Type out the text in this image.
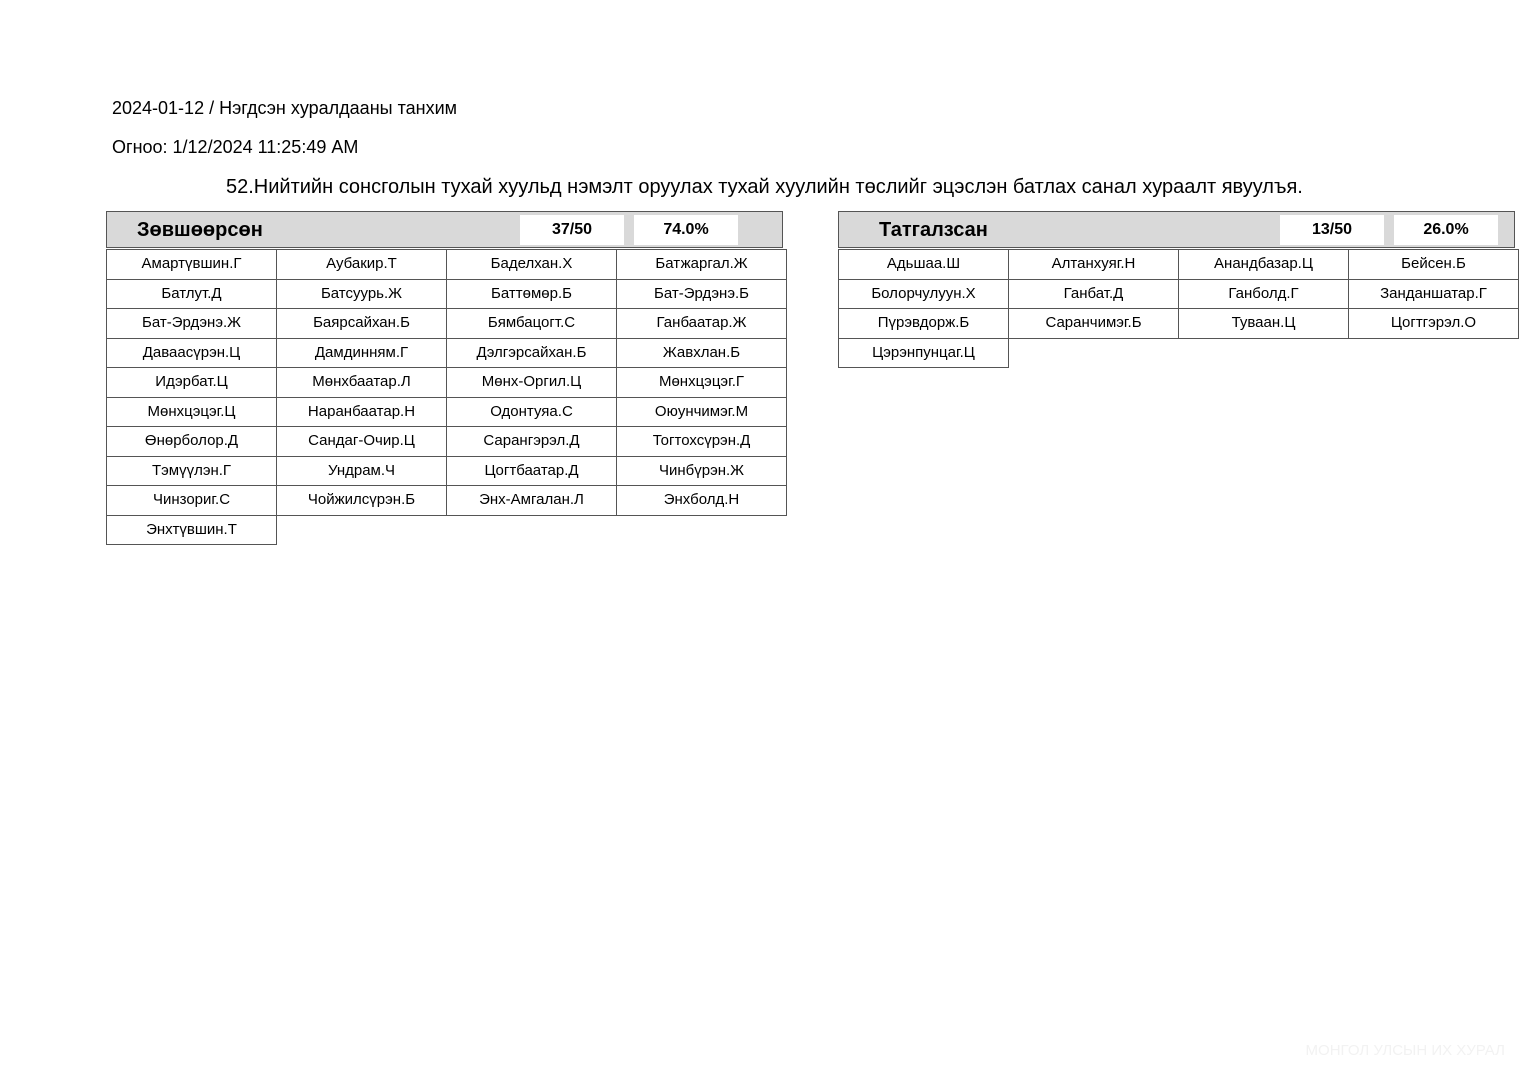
2024-01-12 / Нэгдсэн хуралдааны танхим
Огноо: 1/12/2024 11:25:49 AM
52.Нийтийн сонсголын тухай хуульд нэмэлт оруулах тухай хуулийн төслийг эцэслэн батлах санал хураалт явуулъя.
Зөвшөөрсөн	37/50	74.0%
Амартүвшин.Г	Аубакир.Т	Баделхан.Х	Батжаргал.Ж
Батлут.Д	Батсуурь.Ж	Баттөмөр.Б	Бат-Эрдэнэ.Б
Бат-Эрдэнэ.Ж	Баярсайхан.Б	Бямбацогт.С	Ганбаатар.Ж
Даваасүрэн.Ц	Дамдинням.Г	Дэлгэрсайхан.Б	Жавхлан.Б
Идэрбат.Ц	Мөнхбаатар.Л	Мөнх-Оргил.Ц	Мөнхцэцэг.Г
Мөнхцэцэг.Ц	Наранбаатар.Н	Одонтуяа.С	Оюунчимэг.М
Өнөрболор.Д	Сандаг-Очир.Ц	Сарангэрэл.Д	Тогтохсүрэн.Д
Тэмүүлэн.Г	Ундрам.Ч	Цогтбаатар.Д	Чинбүрэн.Ж
Чинзориг.С	Чойжилсүрэн.Б	Энх-Амгалан.Л	Энхболд.Н
Энхтүвшин.Т
Татгалзсан	13/50	26.0%
Адьшаа.Ш	Алтанхуяг.Н	Анандбазар.Ц	Бейсен.Б
Болорчулуун.Х	Ганбат.Д	Ганболд.Г	Занданшатар.Г
Пүрэвдорж.Б	Саранчимэг.Б	Туваан.Ц	Цогтгэрэл.О
Цэрэнпунцаг.Ц
МОНГОЛ УЛСЫН ИХ ХУРАЛ
